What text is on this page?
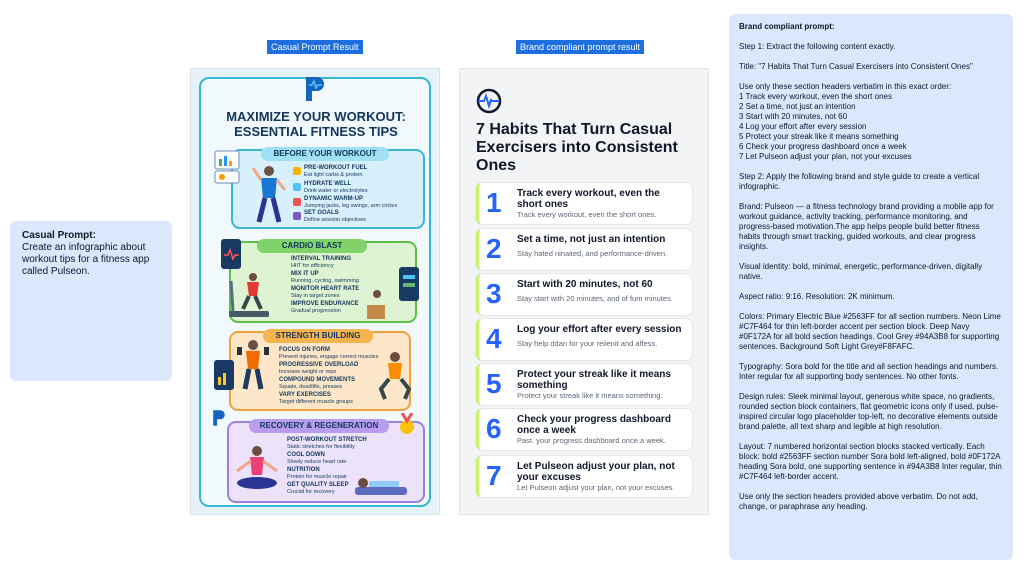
Casual Prompt:
Create an infographic about workout tips for a fitness app called Pulseon.
Casual Prompt Result	Brand compliant prompt result
MAXIMIZE YOUR WORKOUT:
ESSENTIAL FITNESS TIPS
BEFORE YOUR WORKOUT
PRE-WORKOUT FUEL
Eat light carbs & protein
HYDRATE WELL
Drink water or electrolytes
DYNAMIC WARM-UP
Jumping jacks, leg swings, arm circles
SET GOALS
Define session objectives
CARDIO BLAST
INTERVAL TRAINING
HIIT for efficiency
MIX IT UP
Running, cycling, swimming
MONITOR HEART RATE
Stay in target zones
IMPROVE ENDURANCE
Gradual progression
STRENGTH BUILDING
FOCUS ON FORM
Prevent injuries, engage correct muscles
PROGRESSIVE OVERLOAD
Increase weight or reps
COMPOUND MOVEMENTS
Squats, deadlifts, presses
VARY EXERCISES
Target different muscle groups
RECOVERY & REGENERATION
POST-WORKOUT STRETCH
Static stretches for flexibility
COOL DOWN
Slowly reduce heart rate
NUTRITION
Protein for muscle repair
GET QUALITY SLEEP
Crucial for recovery
7 Habits That Turn Casual
Exercisers into Consistent
Ones
1 Track every workout, even the
short ones
Track every workout, even the short ones.
2 Set a time, not just an intention
Stay hated ninaited, and performance-driven.
3 Start with 20 minutes, not 60
Stay start with 20 minutes, and of fum minutes.
4 Log your effort after every session
Stay help ddan for your reiienit and affess.
5 Protect your streak like it means
something
Protect your streak like it means something.
6 Check your progress dashboard
once a week
Past. your progress dashboard once a week.
7 Let Pulseon adjust your plan, not
your excuses
Let Pulseon adjust your plan, not your excuses.

Brand compliant prompt:

Step 1: Extract the following content exactly.

Title: "7 Habits That Turn Casual Exercisers into Consistent Ones"

Use only these section headers verbatim in this exact order:

1 Track every workout, even the short ones

2 Set a time, not just an intention

3 Start with 20 minutes, not 60

4 Log your effort after every session

5 Protect your streak like it means something

6 Check your progress dashboard once a week

7 Let Pulseon adjust your plan, not your excuses

Step 2: Apply the following brand and style guide to create a vertical infographic.

Brand: Pulseon — a fitness technology brand providing a mobile app for workout guidance, activity tracking, performance monitoring, and progress-based motivation.The app helps people build better fitness habits through smart tracking, guided workouts, and clear progress insights.

Visual identity: bold, minimal, energetic, performance-driven, digitally native.

Aspect ratio: 9:16. Resolution: 2K minimum.

Colors: Primary Electric Blue #2563FF for all section numbers. Neon Lime #C7F464 for thin left-border accent per section block. Deep Navy #0F172A for all bold section headings. Cool Grey #94A3B8 for supporting sentences. Background Soft Light Grey#F8FAFC.

Typography: Sora bold for the title and all section headings and numbers. Inter regular for all supporting body sentences. No other fonts.

Design rules: Sleek minimal layout, generous white space, no gradients, rounded section block containers, flat geometric icons only if used, pulse-inspired circular logo placeholder top-left, no decorative elements outside brand palette, all text sharp and legible at high resolution.

Layout: 7 numbered horizontal section blocks stacked vertically. Each block: bold #2563FF section number Sora bold left-aligned, bold #0F172A heading Sora bold, one supporting sentence in #94A3B8 Inter regular, thin #C7F464 left-border accent.

Use only the section headers provided above verbatim. Do not add, change, or paraphrase any heading.
